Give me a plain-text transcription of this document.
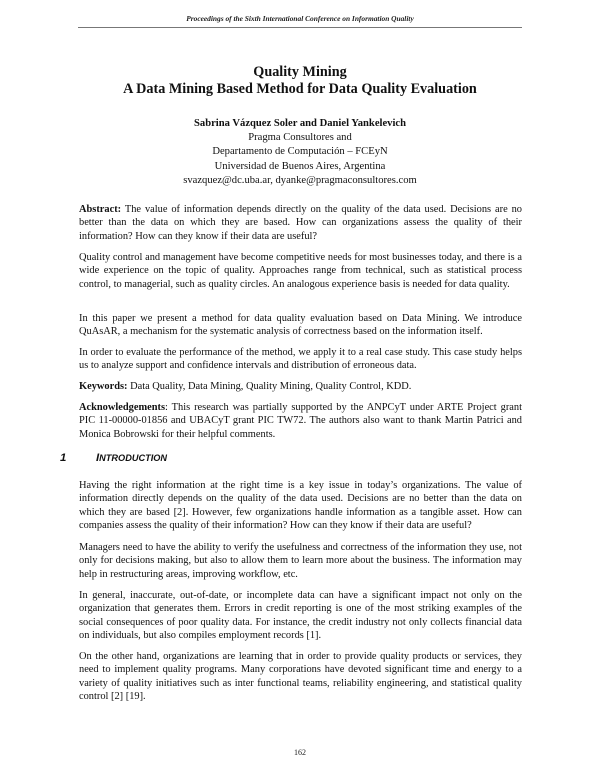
Proceedings of the Sixth International Conference on Information Quality

Quality Mining

A Data Mining Based Method for Data Quality Evaluation

Sabrina Vázquez Soler and Daniel Yankelevich
Pragma Consultores and
Departamento de Computación – FCEyN
Universidad de Buenos Aires, Argentina
svazquez@dc.uba.ar, dyanke@pragmaconsultores.com

Abstract: The value of information depends directly on the quality of the data used. Decisions are no better than the data on which they are based. How can organizations assess the quality of their information? How can they know if their data are useful?

Quality control and management have become competitive needs for most businesses today, and there is a wide experience on the topic of quality. Approaches range from technical, such as statistical process control, to managerial, such as quality circles. An analogous experience basis is needed for data quality.

In this paper we present a method for data quality evaluation based on Data Mining. We introduce QuAsAR, a mechanism for the systematic analysis of correctness based on the information itself.

In order to evaluate the performance of the method, we apply it to a real case study. This case study helps us to analyze support and confidence intervals and distribution of erroneous data.

Keywords: Data Quality, Data Mining, Quality Mining, Quality Control, KDD.

Acknowledgements: This research was partially supported by the ANPCyT under ARTE Project grant PIC 11-00000-01856 and UBACyT grant PIC TW72. The authors also want to thank Martin Patrici and Monica Bobrowski for their helpful comments.

1	INTRODUCTION

Having the right information at the right time is a key issue in today’s organizations. The value of information directly depends on the quality of the data used. Decisions are no better than the data on which they are based [2]. However, few organizations handle information as a tangible asset. How can companies assess the quality of their information? How can they know if their data are useful?

Managers need to have the ability to verify the usefulness and correctness of the information they use, not only for decisions making, but also to allow them to learn more about the business. The information may help in restructuring areas, improving workflow, etc.

In general, inaccurate, out-of-date, or incomplete data can have a significant impact not only on the organization that generates them. Errors in credit reporting is one of the most striking examples of the social consequences of poor quality data. For instance, the credit industry not only collects financial data on individuals, but also compiles employment records [1].

On the other hand, organizations are learning that in order to provide quality products or services, they need to implement quality programs. Many corporations have devoted significant time and energy to a variety of quality initiatives such as inter functional teams, reliability engineering, and statistical quality control [2] [19].

162
